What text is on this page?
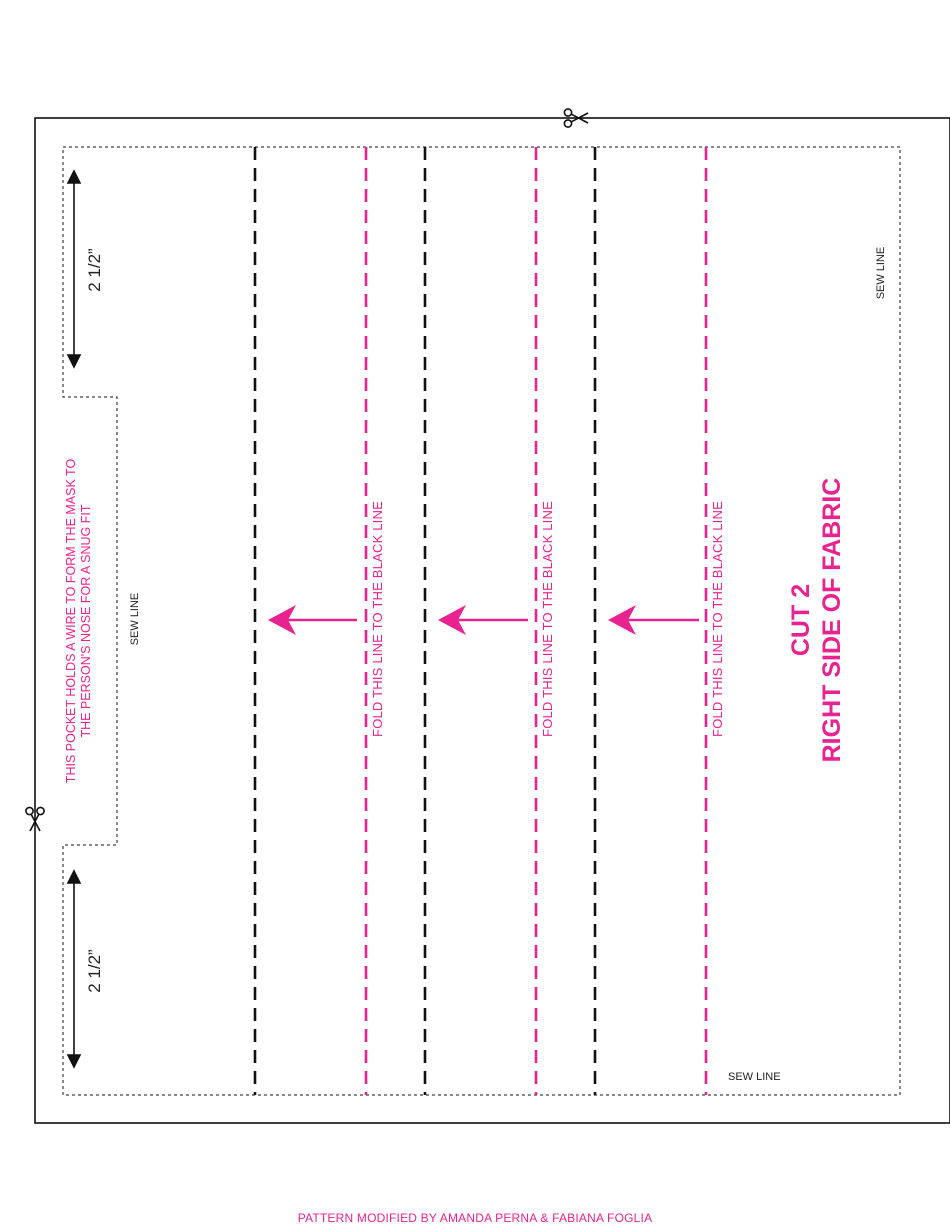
2 1/2”
2 1/2”
THIS POCKET HOLDS A WIRE TO FORM THE MASK TO THE PERSON'S NOSE FOR A SNUG FIT	SEW LINE
SEW LINE
SEW LINE
FOLD THIS LINE TO THE BLACK LINE	FOLD THIS LINE TO THE BLACK LINE	FOLD THIS LINE TO THE BLACK LINE CUT 2 RIGHT SIDE OF FABRIC
PATTERN MODIFIED BY AMANDA PERNA & FABIANA FOGLIA
